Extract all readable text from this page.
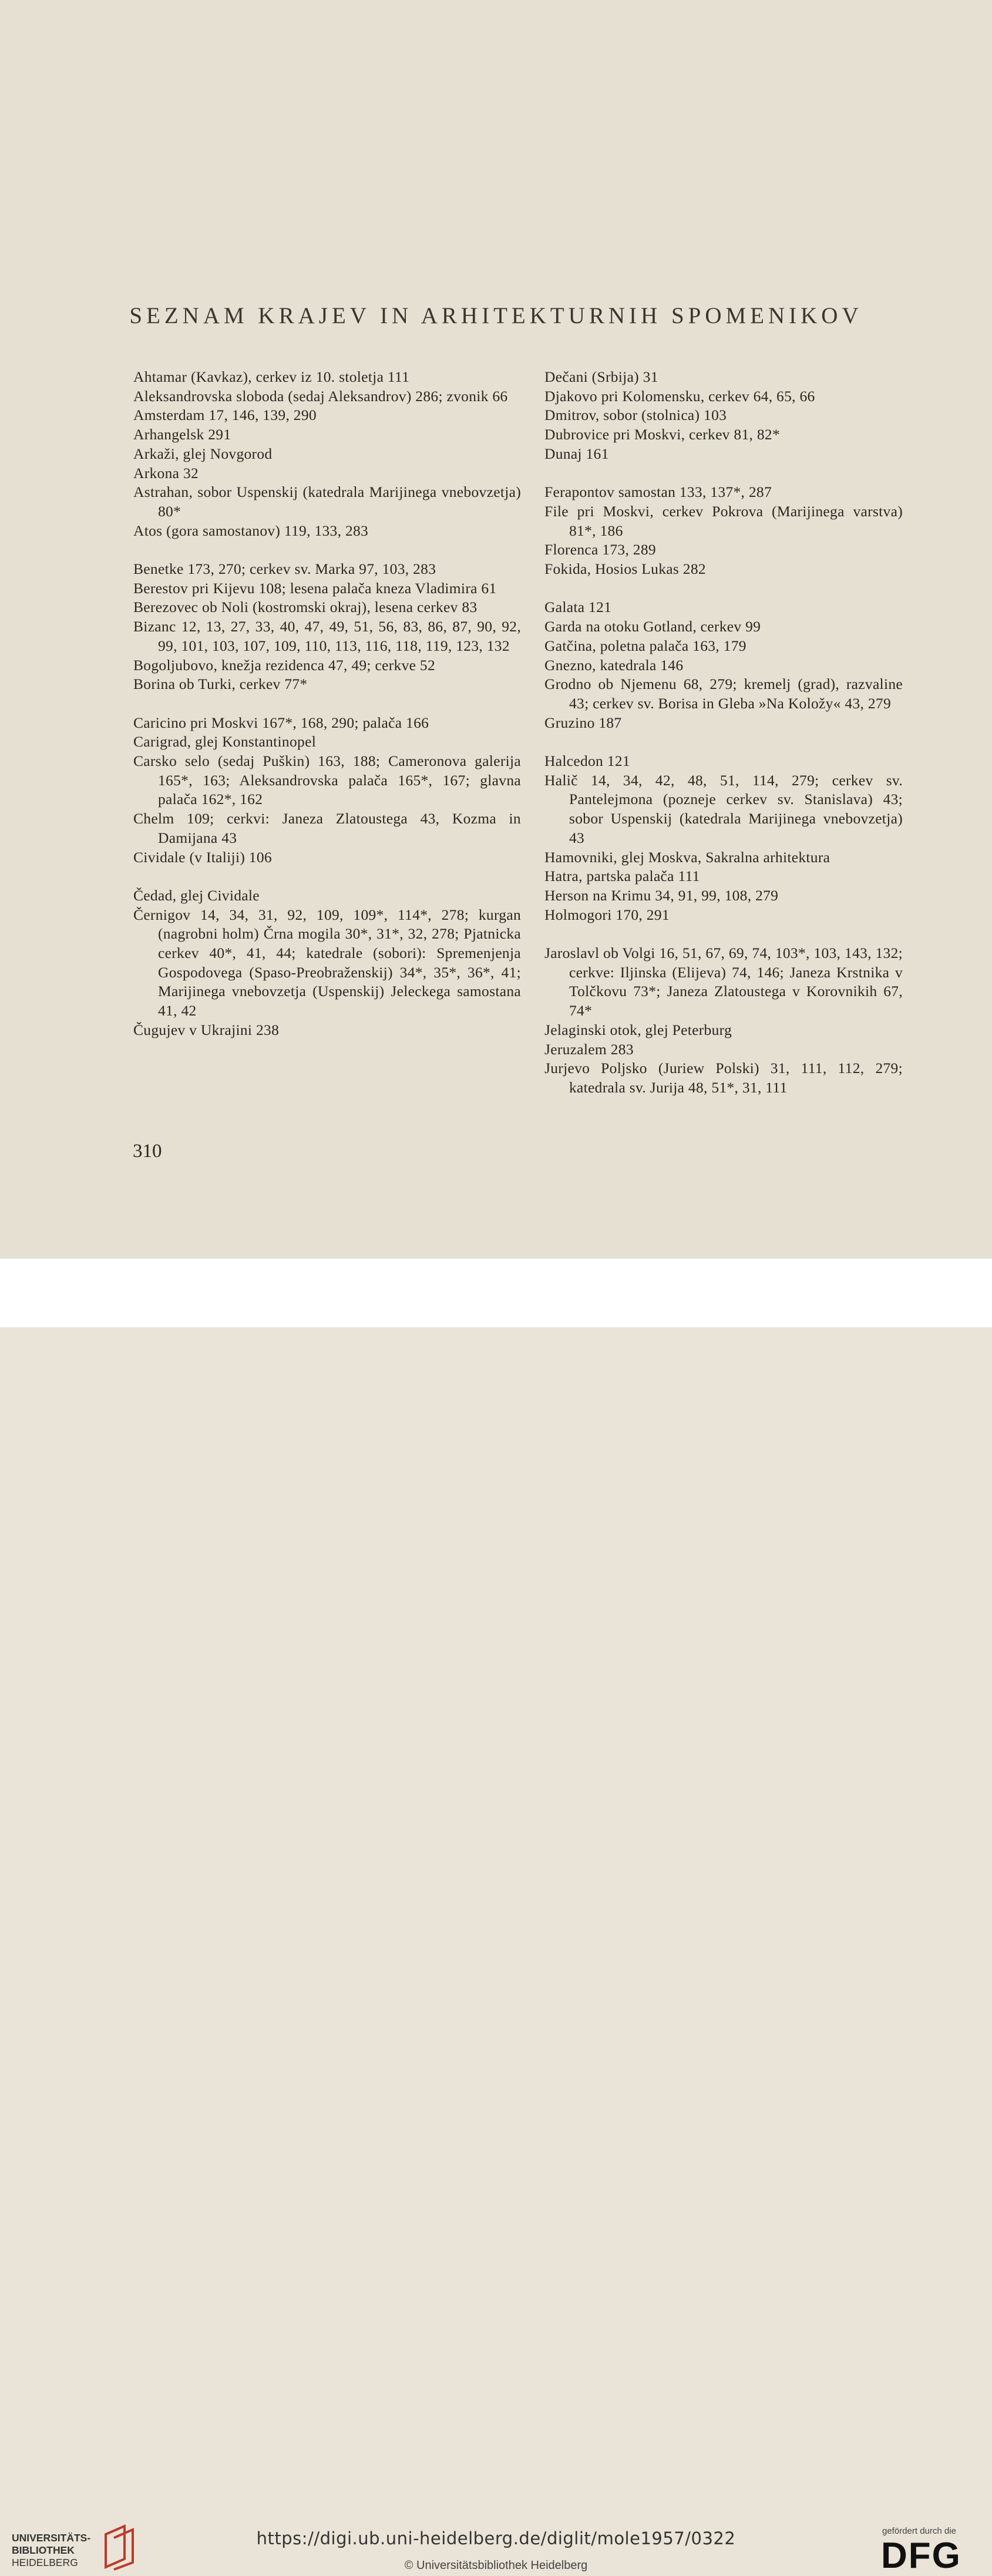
SEZNAM KRAJEV IN ARHITEKTURNIH SPOMENIKOV
Ahtamar (Kavkaz), cerkev iz 10. stoletja 111
Aleksandrovska sloboda (sedaj Aleksandrov) 286; zvonik 66
Amsterdam 17, 146, 139, 290
Arhangelsk 291
Arkaži, glej Novgorod
Arkona 32
Astrahan, sobor Uspenskij (katedrala Marijinega vnebovzetja) 80*
Atos (gora samostanov) 119, 133, 283
Benetke 173, 270; cerkev sv. Marka 97, 103, 283
Berestov pri Kijevu 108; lesena palača kneza Vladimira 61
Berezovec ob Noli (kostromski okraj), lesena cerkev 83
Bizanc 12, 13, 27, 33, 40, 47, 49, 51, 56, 83, 86, 87, 90, 92, 99, 101, 103, 107, 109, 110, 113, 116, 118, 119, 123, 132
Bogoljubovo, knežja rezidenca 47, 49; cerkve 52
Borina ob Turki, cerkev 77*
Caricino pri Moskvi 167*, 168, 290; palača 166
Carigrad, glej Konstantinopel
Carsko selo (sedaj Puškin) 163, 188; Cameronova galerija 165*, 163; Aleksandrovska palača 165*, 167; glavna palača 162*, 162
Chelm 109; cerkvi: Janeza Zlatoustega 43, Kozma in Damijana 43
Cividale (v Italiji) 106
Čedad, glej Cividale
Černigov 14, 34, 31, 92, 109, 109*, 114*, 278; kurgan (nagrobni holm) Črna mogila 30*, 31*, 32, 278; Pjatnicka cerkev 40*, 41, 44; katedrale (sobori): Spremenjenja Gospodovega (Spaso-Preobraženskij) 34*, 35*, 36*, 41; Marijinega vnebovzetja (Uspenskij) Jeleckega samostana 41, 42
Čugujev v Ukrajini 238
Dečani (Srbija) 31
Djakovo pri Kolomensku, cerkev 64, 65, 66
Dmitrov, sobor (stolnica) 103
Dubrovice pri Moskvi, cerkev 81, 82*
Dunaj 161
Ferapontov samostan 133, 137*, 287
File pri Moskvi, cerkev Pokrova (Marijinega varstva) 81*, 186
Florenca 173, 289
Fokida, Hosios Lukas 282
Galata 121
Garda na otoku Gotland, cerkev 99
Gatčina, poletna palača 163, 179
Gnezno, katedrala 146
Grodno ob Njemenu 68, 279; kremelj (grad), razvaline 43; cerkev sv. Borisa in Gleba »Na Koložy« 43, 279
Gruzino 187
Halcedon 121
Halič 14, 34, 42, 48, 51, 114, 279; cerkev sv. Pantelejmona (pozneje cerkev sv. Stanislava) 43; sobor Uspenskij (katedrala Marijinega vnebovzetja) 43
Hamovniki, glej Moskva, Sakralna arhitektura
Hatra, partska palača 111
Herson na Krimu 34, 91, 99, 108, 279
Holmogori 170, 291
Jaroslavl ob Volgi 16, 51, 67, 69, 74, 103*, 103, 143, 132; cerkve: Iljinska (Elijeva) 74, 146; Janeza Krstnika v Tolčkovu 73*; Janeza Zlatoustega v Korovnikih 67, 74*
Jelaginski otok, glej Peterburg
Jeruzalem 283
Jurjevo Poljsko (Juriew Polski) 31, 111, 112, 279; katedrala sv. Jurija 48, 51*, 31, 111
310
UNIVERSITÄTS-
BIBLIOTHEK
HEIDELBERG
https://digi.ub.uni-heidelberg.de/diglit/mole1957/0322
© Universitätsbibliothek Heidelberg
gefördert durch die
DFG
